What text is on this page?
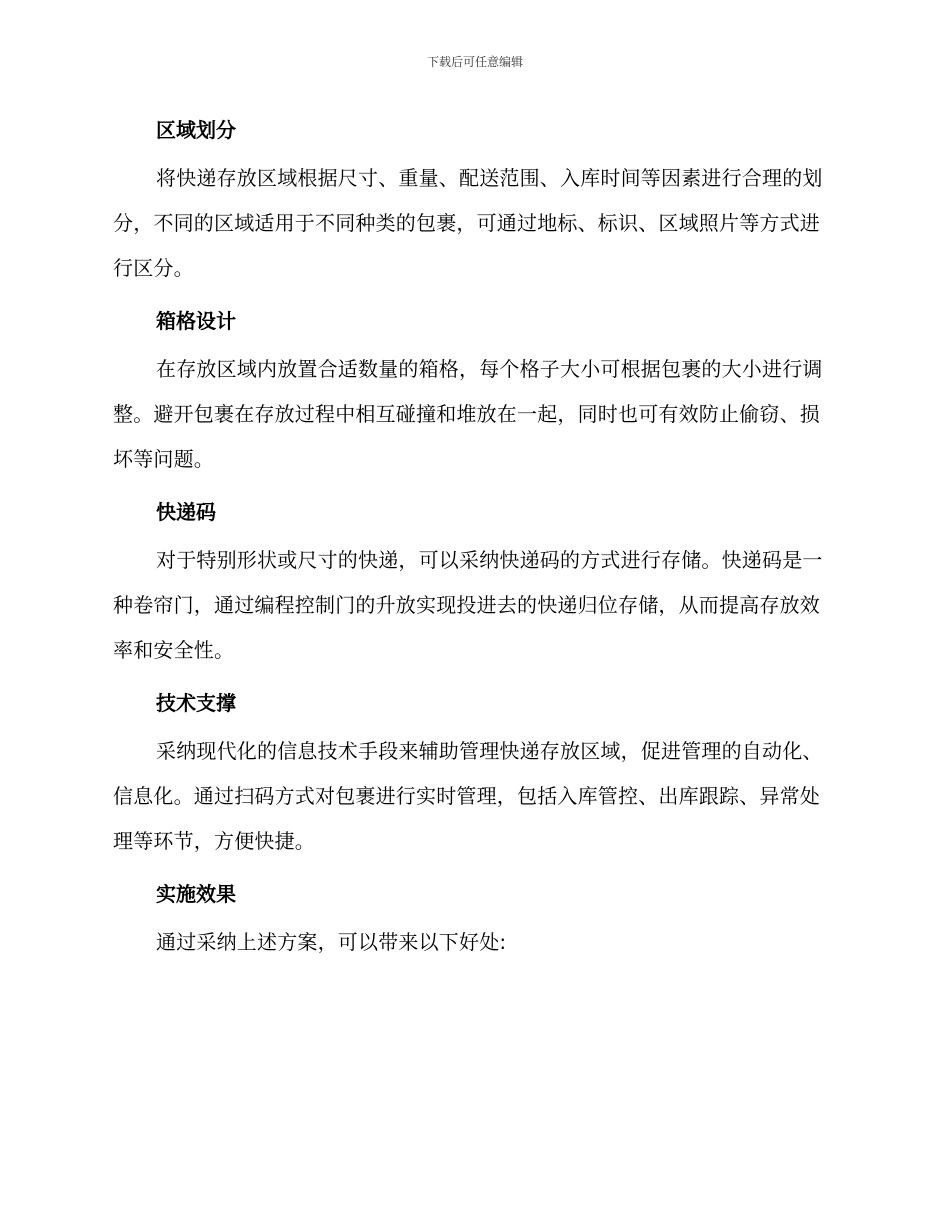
下载后可任意编辑
区域划分

将快递存放区域根据尺寸、重量、配送范围、入库时间等因素进行合理的划分，不同的区域适用于不同种类的包裹，可通过地标、标识、区域照片等方式进行区分。

箱格设计

在存放区域内放置合适数量的箱格，每个格子大小可根据包裹的大小进行调整。避开包裹在存放过程中相互碰撞和堆放在一起，同时也可有效防止偷窃、损坏等问题。

快递码

对于特别形状或尺寸的快递，可以采纳快递码的方式进行存储。快递码是一种卷帘门，通过编程控制门的升放实现投进去的快递归位存储，从而提高存放效率和安全性。

技术支撑

采纳现代化的信息技术手段来辅助管理快递存放区域，促进管理的自动化、信息化。通过扫码方式对包裹进行实时管理，包括入库管控、出库跟踪、异常处理等环节，方便快捷。

实施效果

通过采纳上述方案，可以带来以下好处:
